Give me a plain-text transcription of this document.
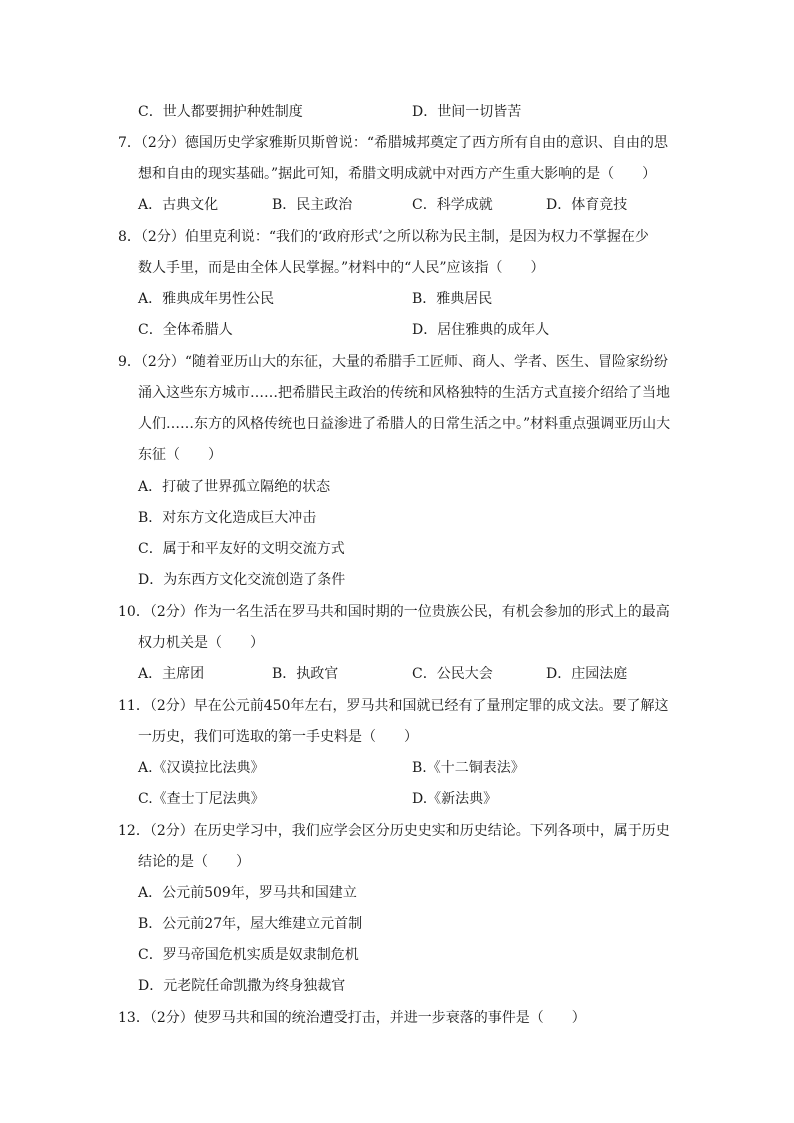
C．世人都要拥护种姓制度	D．世间一切皆苦
7．（2分）德国历史学家雅斯贝斯曾说：“希腊城邦奠定了西方所有自由的意识、自由的思
想和自由的现实基础。”据此可知，希腊文明成就中对西方产生重大影响的是（　　）
A．古典文化	B．民主政治	C．科学成就	D．体育竞技
8．（2分）伯里克利说：“我们的‘政府形式’之所以称为民主制，是因为权力不掌握在少
数人手里，而是由全体人民掌握。”材料中的“人民”应该指（　　）
A．雅典成年男性公民	B．雅典居民
C．全体希腊人	D．居住雅典的成年人
9．（2分）“随着亚历山大的东征，大量的希腊手工匠师、商人、学者、医生、冒险家纷纷
涌入这些东方城市……把希腊民主政治的传统和风格独特的生活方式直接介绍给了当地
人们……东方的风格传统也日益渗进了希腊人的日常生活之中。”材料重点强调亚历山大
东征（　　）
A．打破了世界孤立隔绝的状态
B．对东方文化造成巨大冲击
C．属于和平友好的文明交流方式
D．为东西方文化交流创造了条件
10．（2分）作为一名生活在罗马共和国时期的一位贵族公民，有机会参加的形式上的最高
权力机关是（　　）
A．主席团	B．执政官	C．公民大会	D．庄园法庭
11．（2分）早在公元前450年左右，罗马共和国就已经有了量刑定罪的成文法。要了解这
一历史，我们可选取的第一手史料是（　　）
A.《汉谟拉比法典》	B.《十二铜表法》
C.《查士丁尼法典》	D.《新法典》
12．（2分）在历史学习中，我们应学会区分历史史实和历史结论。下列各项中，属于历史
结论的是（　　）
A．公元前509年，罗马共和国建立
B．公元前27年，屋大维建立元首制
C．罗马帝国危机实质是奴隶制危机
D．元老院任命凯撒为终身独裁官
13．（2分）使罗马共和国的统治遭受打击，并进一步衰落的事件是（　　）
